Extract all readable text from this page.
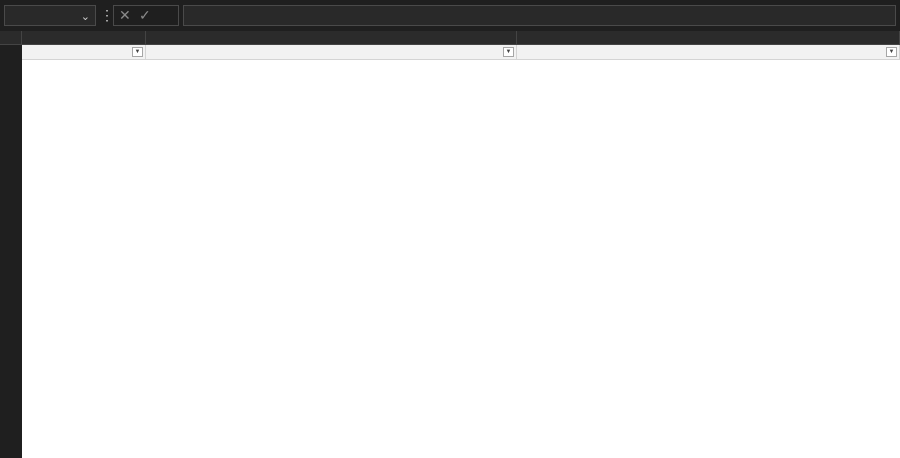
⌄ ⋮ ✕ ✓
▼	▼	▼
